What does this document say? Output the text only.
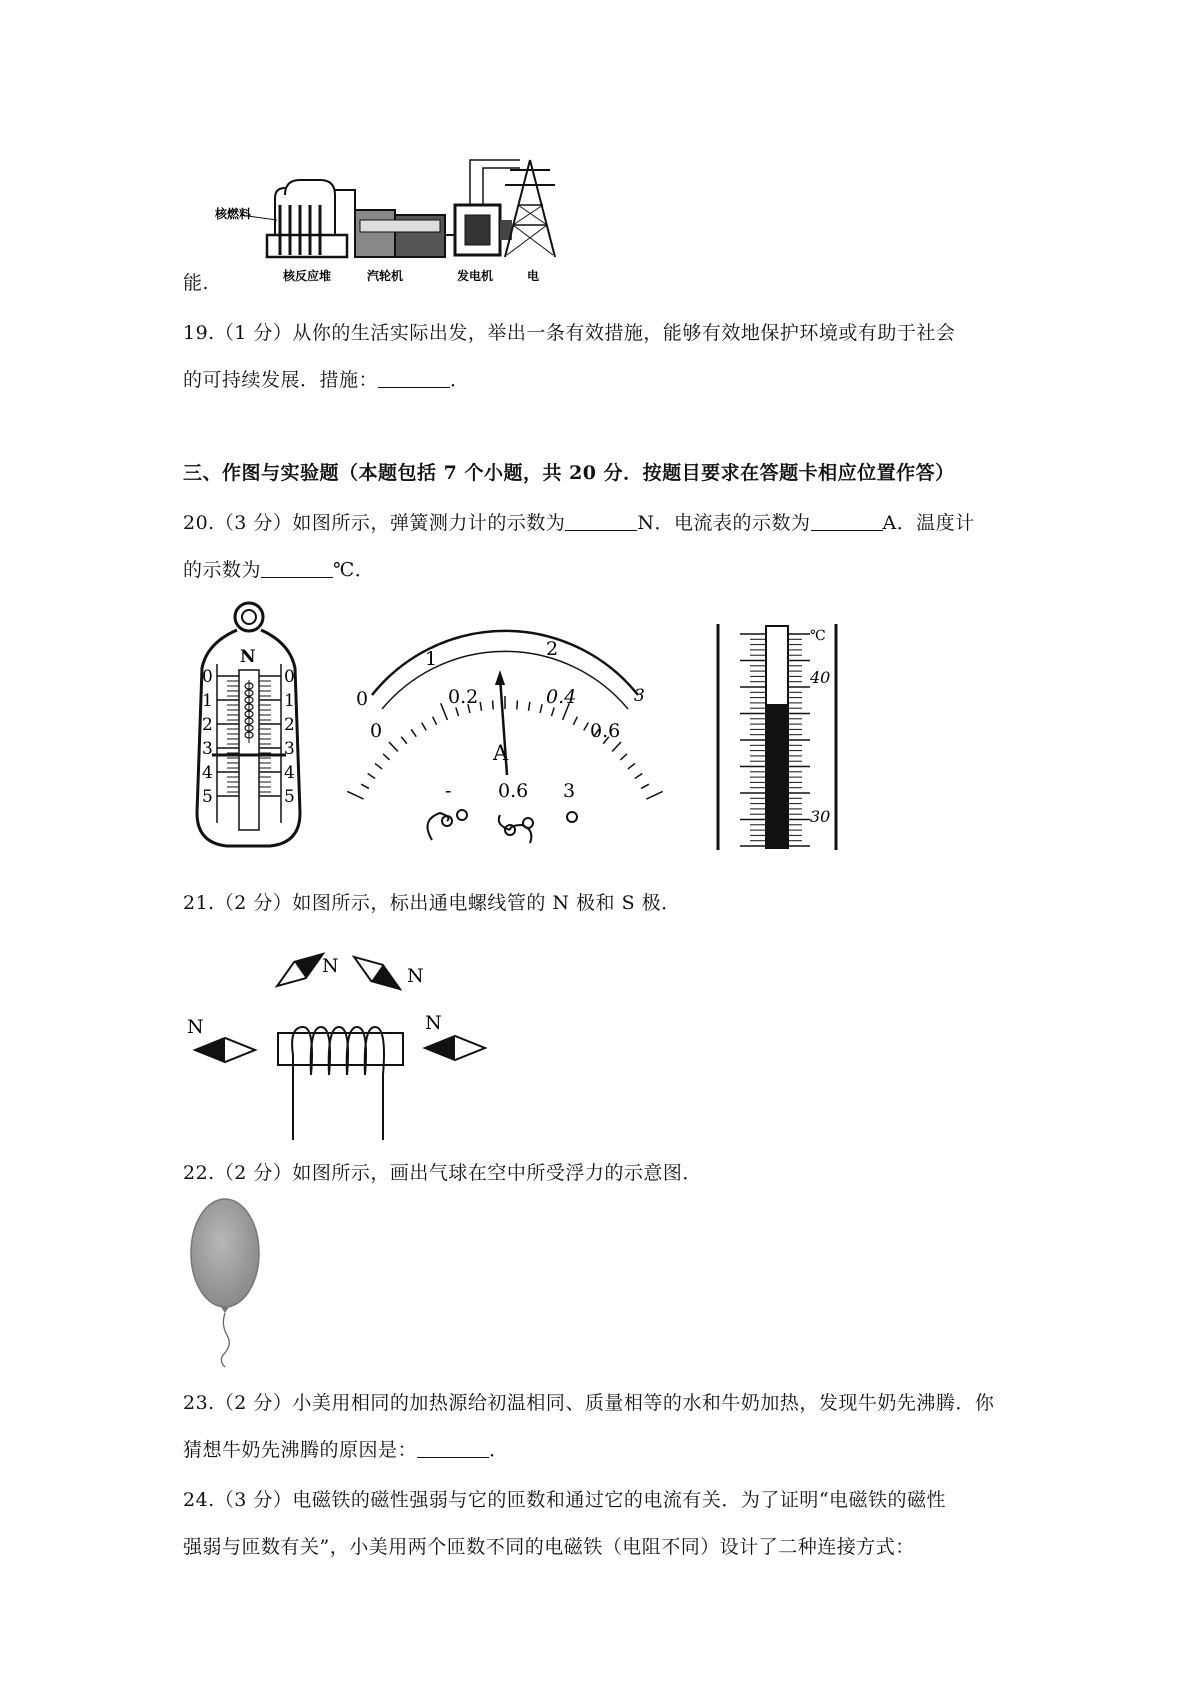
能.
核燃料
核反应堆	汽轮机	发电机	电
19.（1 分）从你的生活实际出发，举出一条有效措施，能够有效地保护环境或有助于社会
的可持续发展．措施：	．
三、作图与实验题（本题包括 7 个小题，共 20 分．按题目要求在答题卡相应位置作答）
20.（3 分）如图所示，弹簧测力计的示数为	N．电流表的示数为	A．温度计
的示数为	℃．
N
0
1
2
3
4
5
0
1
2
3
4
5
0
1	2
3
0
0.2	0.4
0.6
A
- 0.6 3
℃
40
30
21.（2 分）如图所示，标出通电螺线管的 N 极和 S 极．
N	N
N	N
22.（2 分）如图所示，画出气球在空中所受浮力的示意图．
23.（2 分）小美用相同的加热源给初温相同、质量相等的水和牛奶加热，发现牛奶先沸腾．你
猜想牛奶先沸腾的原因是：	．
24.（3 分）电磁铁的磁性强弱与它的匝数和通过它的电流有关．为了证明“电磁铁的磁性
强弱与匝数有关”，小美用两个匝数不同的电磁铁（电阻不同）设计了二种连接方式：
